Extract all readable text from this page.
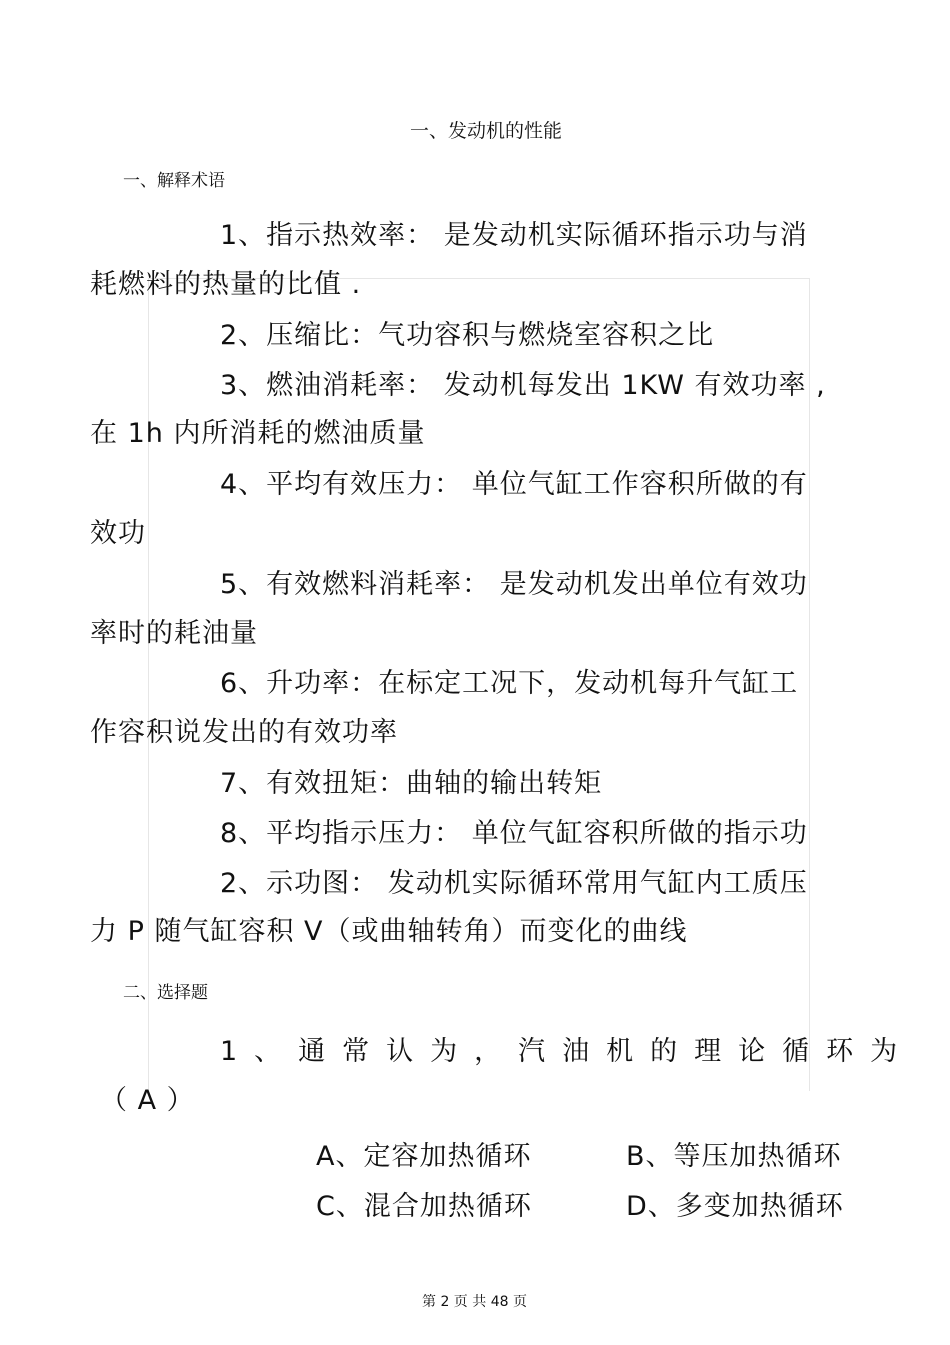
一、发动机的性能
一、解释术语
1、指示热效率： 是发动机实际循环指示功与消
耗燃料的热量的比值 .
2、压缩比：气功容积与燃烧室容积之比
3、燃油消耗率： 发动机每发出 1KW 有效功率 ,
在 1h 内所消耗的燃油质量
4、平均有效压力： 单位气缸工作容积所做的有
效功
5、有效燃料消耗率： 是发动机发出单位有效功
率时的耗油量
6、升功率：在标定工况下，发动机每升气缸工
作容积说发出的有效功率
7、有效扭矩：曲轴的输出转矩
8、平均指示压力： 单位气缸容积所做的指示功
2、示功图： 发动机实际循环常用气缸内工质压
力 P 随气缸容积 V（或曲轴转角）而变化的曲线
二、选择题
1、通常认为，汽油机的理论循环为
（ A ）
A、定容加热循环	B、等压加热循环
C、混合加热循环	D、多变加热循环
第 2 页 共 48 页
